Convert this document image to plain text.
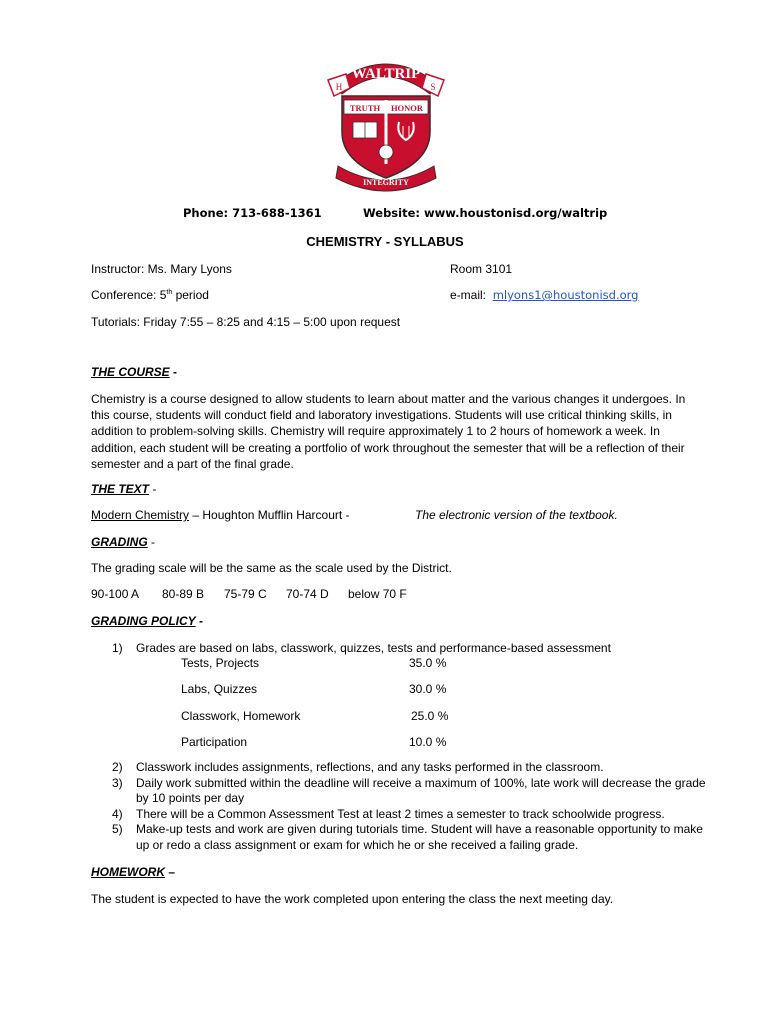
WALTRIP
H	S
TRUTH HONOR
INTEGRITY
Phone: 713-688-1361	Website: www.houstonisd.org/waltrip
CHEMISTRY - SYLLABUS
Instructor: Ms. Mary Lyons	Room 3101
Conference: 5th period	e-mail: mlyons1@houstonisd.org
Tutorials: Friday 7:55 – 8:25 and 4:15 – 5:00 upon request
THE COURSE -
Chemistry is a course designed to allow students to learn about matter and the various changes it undergoes. In this course, students will conduct field and laboratory investigations. Students will use critical thinking skills, in addition to problem-solving skills. Chemistry will require approximately 1 to 2 hours of homework a week. In addition, each student will be creating a portfolio of work throughout the semester that will be a reflection of their semester and a part of the final grade.
THE TEXT -
Modern Chemistry – Houghton Mufflin Harcourt -	The electronic version of the textbook.
GRADING -
The grading scale will be the same as the scale used by the District.
90-100 A 80-89 B 75-79 C 70-74 D below 70 F
GRADING POLICY -
1) Grades are based on labs, classwork, quizzes, tests and performance-based assessment
Tests, Projects	35.0 %
Labs, Quizzes	30.0 %
Classwork, Homework	25.0 %
Participation	10.0 %
2) Classwork includes assignments, reflections, and any tasks performed in the classroom.
3) Daily work submitted within the deadline will receive a maximum of 100%, late work will decrease the grade by 10 points per day
4) There will be a Common Assessment Test at least 2 times a semester to track schoolwide progress.
5) Make-up tests and work are given during tutorials time. Student will have a reasonable opportunity to make up or redo a class assignment or exam for which he or she received a failing grade.
HOMEWORK –
The student is expected to have the work completed upon entering the class the next meeting day.
